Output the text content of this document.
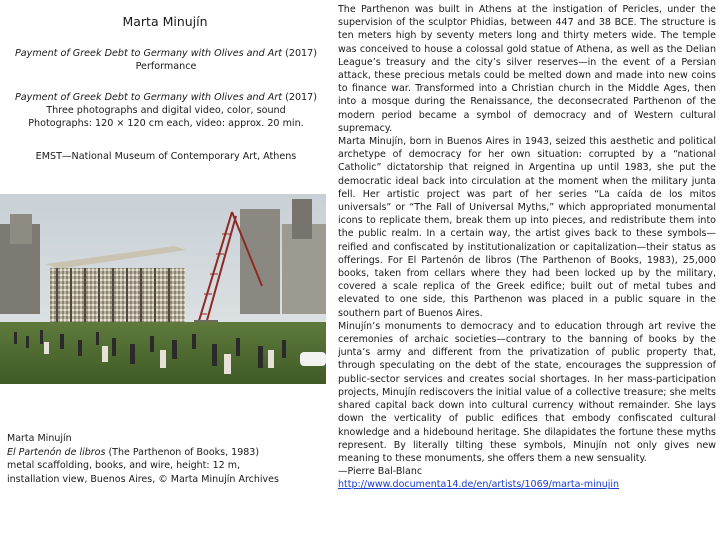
Marta Minujín
Payment of Greek Debt to Germany with Olives and Art (2017)
Performance
Payment of Greek Debt to Germany with Olives and Art (2017)
Three photographs and digital video, color, sound
Photographs: 120 × 120 cm each, video: approx. 20 min.
EMST—National Museum of Contemporary Art, Athens
Marta Minujín
El Partenón de libros (The Parthenon of Books, 1983)
metal scaffolding, books, and wire, height: 12 m,
installation view, Buenos Aires, © Marta Minujín Archives

The Parthenon was built in Athens at the instigation of Pericles, under the supervision of the sculptor Phidias, between 447 and 38 BCE. The structure is ten meters high by seventy meters long and thirty meters wide. The temple was conceived to house a colossal gold statue of Athena, as well as the Delian League’s treasury and the city’s silver reserves—in the event of a Persian attack, these precious metals could be melted down and made into new coins to finance war. Transformed into a Christian church in the Middle Ages, then into a mosque during the Renaissance, the deconsecrated Parthenon of the modern period became a symbol of democracy and of Western cultural supremacy.

Marta Minujín, born in Buenos Aires in 1943, seized this aesthetic and political archetype of democracy for her own situation: corrupted by a “national Catholic” dictatorship that reigned in Argentina up until 1983, she put the democratic ideal back into circulation at the moment when the military junta fell. Her artistic project was part of her series “La caída de los mitos universals” or “The Fall of Universal Myths,” which appropriated monumental icons to replicate them, break them up into pieces, and redistribute them into the public realm. In a certain way, the artist gives back to these symbols—reified and confiscated by institutionalization or capitalization—their status as offerings. For El Partenón de libros (The Parthenon of Books, 1983), 25,000 books, taken from cellars where they had been locked up by the military, covered a scale replica of the Greek edifice; built out of metal tubes and elevated to one side, this Parthenon was placed in a public square in the southern part of Buenos Aires.

Minujín’s monuments to democracy and to education through art revive the ceremonies of archaic societies—contrary to the banning of books by the junta’s army and different from the privatization of public property that, through speculating on the debt of the state, encourages the suppression of public-sector services and creates social shortages. In her mass-participation projects, Minujín rediscovers the initial value of a collective treasure; she melts shared capital back down into cultural currency without remainder. She lays down the verticality of public edifices that embody confiscated cultural knowledge and a hidebound heritage. She dilapidates the fortune these myths represent. By literally tilting these symbols, Minujín not only gives new meaning to these monuments, she offers them a new sensuality.

—Pierre Bal-Blanc

http://www.documenta14.de/en/artists/1069/marta-minujin
